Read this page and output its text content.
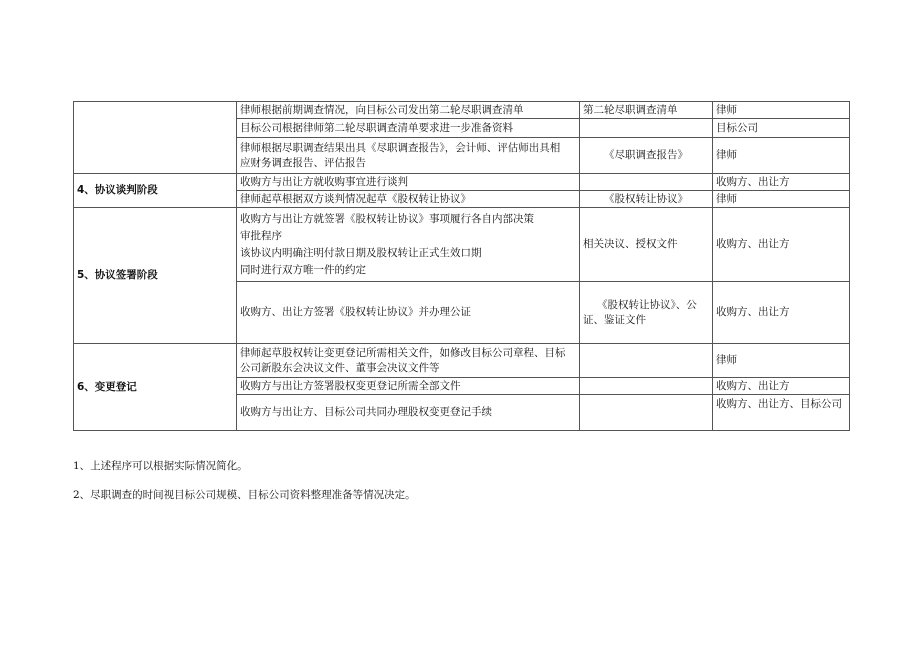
	律师根据前期调查情况，向目标公司发出第二轮尽职调查清单	第二轮尽职调查清单	律师

	目标公司根据律师第二轮尽职调查清单要求进一步准备资料		目标公司

	律师根据尽职调查结果出具《尽职调查报告》，会计师、评估师出具相
应财务调查报告、评估报告	《尽职调查报告》	律师

4、协议谈判阶段	收购方与出让方就收购事宜进行谈判		收购方、出让方

	律师起草根据双方谈判情况起草《股权转让协议》	《股权转让协议》	律师

5、协议签署阶段	收购方与出让方就签署《股权转让协议》事项履行各自内部决策
审批程序
该协议内明确注明付款日期及股权转让正式生效口期
同时进行双方唯一件的约定	相关决议、授权文件	收购方、出让方

	收购方、出让方签署《股权转让协议》并办理公证	《股权转让协议》、公
证、鉴证文件	收购方、出让方

6、变更登记	律师起草股权转让变更登记所需相关文件，如修改目标公司章程、目标
公司新股东会决议文件、董事会决议文件等		律师

	收购方与出让方签署股权变更登记所需全部文件		收购方、出让方

	收购方与出让方、目标公司共同办理股权变更登记手续		收购方、出让方、目标公司

1、上述程序可以根据实际情况简化。

2、尽职调查的时间视目标公司规模、目标公司资料整理准备等情况决定。
